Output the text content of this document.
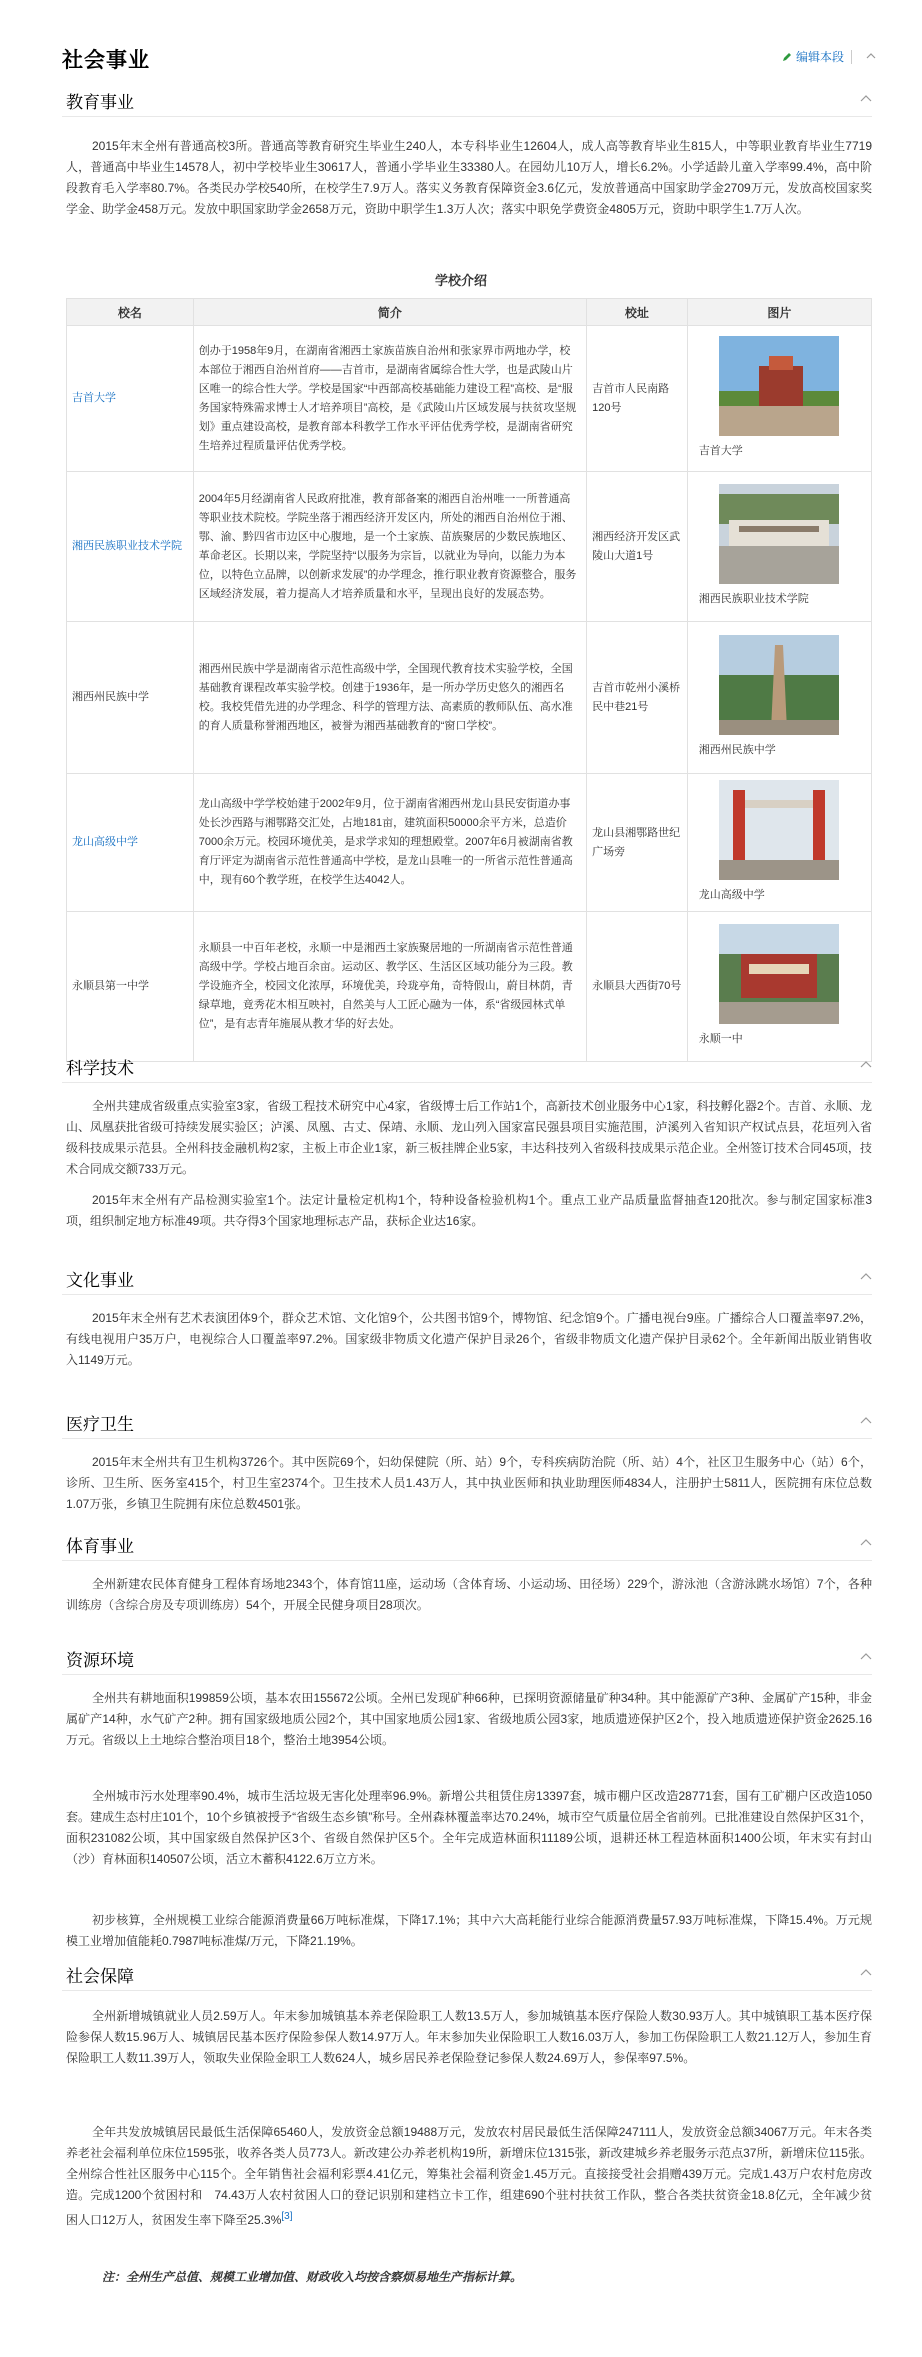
社会事业	编辑本段
教育事业
2015年末全州有普通高校3所。普通高等教育研究生毕业生240人，本专科毕业生12604人，成人高等教育毕业生815人，中等职业教育毕业生7719人，普通高中毕业生14578人，初中学校毕业生30617人，普通小学毕业生33380人。在园幼儿10万人，增长6.2%。小学适龄儿童入学率99.4%，高中阶段教育毛入学率80.7%。各类民办学校540所，在校学生7.9万人。落实义务教育保障资金3.6亿元，发放普通高中国家助学金2709万元，发放高校国家奖学金、助学金458万元。发放中职国家助学金2658万元，资助中职学生1.3万人次；落实中职免学费资金4805万元，资助中职学生1.7万人次。
学校介绍
校名	简介	校址	图片
吉首大学	创办于1958年9月，在湖南省湘西土家族苗族自治州和张家界市两地办学，校本部位于湘西自治州首府——吉首市，是湖南省属综合性大学，也是武陵山片区唯一的综合性大学。学校是国家“中西部高校基础能力建设工程”高校、是“服务国家特殊需求博士人才培养项目”高校，是《武陵山片区域发展与扶贫攻坚规划》重点建设高校，是教育部本科教学工作水平评估优秀学校，是湖南省研究生培养过程质量评估优秀学校。	吉首市人民南路120号	吉首大学

湘西民族职业技术学院	2004年5月经湖南省人民政府批准，教育部备案的湘西自治州唯一一所普通高等职业技术院校。学院坐落于湘西经济开发区内，所处的湘西自治州位于湘、鄂、渝、黔四省市边区中心腹地，是一个土家族、苗族聚居的少数民族地区、革命老区。长期以来，学院坚持“以服务为宗旨，以就业为导向，以能力为本位，以特色立品牌，以创新求发展”的办学理念，推行职业教育资源整合，服务区域经济发展，着力提高人才培养质量和水平，呈现出良好的发展态势。	湘西经济开发区武陵山大道1号	湘西民族职业技术学院

湘西州民族中学	湘西州民族中学是湖南省示范性高级中学，全国现代教育技术实验学校，全国基础教育课程改革实验学校。创建于1936年，是一所办学历史悠久的湘西名校。我校凭借先进的办学理念、科学的管理方法、高素质的教师队伍、高水准的育人质量称誉湘西地区，被誉为湘西基础教育的“窗口学校”。	吉首市乾州小溪桥民中巷21号	湘西州民族中学

龙山高级中学	龙山高级中学学校始建于2002年9月，位于湖南省湘西州龙山县民安街道办事处长沙西路与湘鄂路交汇处，占地181亩，建筑面积50000余平方米，总造价7000余万元。校园环境优美，是求学求知的理想殿堂。2007年6月被湖南省教育厅评定为湖南省示范性普通高中学校，是龙山县唯一的一所省示范性普通高中，现有60个教学班，在校学生达4042人。	龙山县湘鄂路世纪广场旁	龙山高级中学

永顺县第一中学	永顺县一中百年老校，永顺一中是湘西土家族聚居地的一所湖南省示范性普通高级中学。学校占地百余亩。运动区、教学区、生活区区域功能分为三段。教学设施齐全，校园文化浓厚，环境优美，玲珑亭角，奇特假山，蔚目林荫，青绿草地，竟秀花木相互映衬，自然美与人工匠心融为一体，系“省级园林式单位”，是有志青年施展从教才华的好去处。	永顺县大西街70号	永顺一中
科学技术
全州共建成省级重点实验室3家，省级工程技术研究中心4家，省级博士后工作站1个，高新技术创业服务中心1家，科技孵化器2个。吉首、永顺、龙山、凤凰获批省级可持续发展实验区；泸溪、凤凰、古丈、保靖、永顺、龙山列入国家富民强县项目实施范围，泸溪列入省知识产权试点县，花垣列入省级科技成果示范县。全州科技金融机构2家，主板上市企业1家，新三板挂牌企业5家，丰达科技列入省级科技成果示范企业。全州签订技术合同45项，技术合同成交额733万元。
2015年末全州有产品检测实验室1个。法定计量检定机构1个，特种设备检验机构1个。重点工业产品质量监督抽查120批次。参与制定国家标准3项，组织制定地方标准49项。共夺得3个国家地理标志产品，获标企业达16家。
文化事业
2015年末全州有艺术表演团体9个，群众艺术馆、文化馆9个，公共图书馆9个，博物馆、纪念馆9个。广播电视台9座。广播综合人口覆盖率97.2%，有线电视用户35万户，电视综合人口覆盖率97.2%。国家级非物质文化遗产保护目录26个，省级非物质文化遗产保护目录62个。全年新闻出版业销售收入1149万元。
医疗卫生
2015年末全州共有卫生机构3726个。其中医院69个，妇幼保健院（所、站）9个，专科疾病防治院（所、站）4个，社区卫生服务中心（站）6个，诊所、卫生所、医务室415个，村卫生室2374个。卫生技术人员1.43万人，其中执业医师和执业助理医师4834人，注册护士5811人，医院拥有床位总数1.07万张，乡镇卫生院拥有床位总数4501张。
体育事业
全州新建农民体育健身工程体育场地2343个，体育馆11座，运动场（含体育场、小运动场、田径场）229个，游泳池（含游泳跳水场馆）7个，各种训练房（含综合房及专项训练房）54个，开展全民健身项目28项次。
资源环境
全州共有耕地面积199859公顷，基本农田155672公顷。全州已发现矿种66种，已探明资源储量矿种34种。其中能源矿产3种、金属矿产15种，非金属矿产14种，水气矿产2种。拥有国家级地质公园2个，其中国家地质公园1家、省级地质公园3家，地质遗迹保护区2个，投入地质遗迹保护资金2625.16万元。省级以上土地综合整治项目18个，整治土地3954公顷。
全州城市污水处理率90.4%，城市生活垃圾无害化处理率96.9%。新增公共租赁住房13397套，城市棚户区改造28771套，国有工矿棚户区改造1050套。建成生态村庄101个，10个乡镇被授予“省级生态乡镇”称号。全州森林覆盖率达70.24%，城市空气质量位居全省前列。已批准建设自然保护区31个，面积231082公顷，其中国家级自然保护区3个、省级自然保护区5个。全年完成造林面积11189公顷，退耕还林工程造林面积1400公顷，年末实有封山（沙）育林面积140507公顷，活立木蓄积4122.6万立方米。
初步核算，全州规模工业综合能源消费量66万吨标准煤，下降17.1%；其中六大高耗能行业综合能源消费量57.93万吨标准煤，下降15.4%。万元规模工业增加值能耗0.7987吨标准煤/万元，下降21.19%。
社会保障
全州新增城镇就业人员2.59万人。年末参加城镇基本养老保险职工人数13.5万人，参加城镇基本医疗保险人数30.93万人。其中城镇职工基本医疗保险参保人数15.96万人、城镇居民基本医疗保险参保人数14.97万人。年末参加失业保险职工人数16.03万人，参加工伤保险职工人数21.12万人，参加生育保险职工人数11.39万人，领取失业保险金职工人数624人，城乡居民养老保险登记参保人数24.69万人，参保率97.5%。
全年共发放城镇居民最低生活保障65460人，发放资金总额19488万元，发放农村居民最低生活保障247111人，发放资金总额34067万元。年末各类养老社会福利单位床位1595张，收养各类人员773人。新改建公办养老机构19所，新增床位1315张，新改建城乡养老服务示范点37所，新增床位115张。全州综合性社区服务中心115个。全年销售社会福利彩票4.41亿元，筹集社会福利资金1.45万元。直接接受社会捐赠439万元。完成1.43万户农村危房改造。完成1200个贫困村和　74.43万人农村贫困人口的登记识别和建档立卡工作，组建690个驻村扶贫工作队，整合各类扶贫资金18.8亿元，全年减少贫困人口12万人，贫困发生率下降至25.3%[3]
注：全州生产总值、规模工业增加值、财政收入均按含察烦易地生产指标计算。
